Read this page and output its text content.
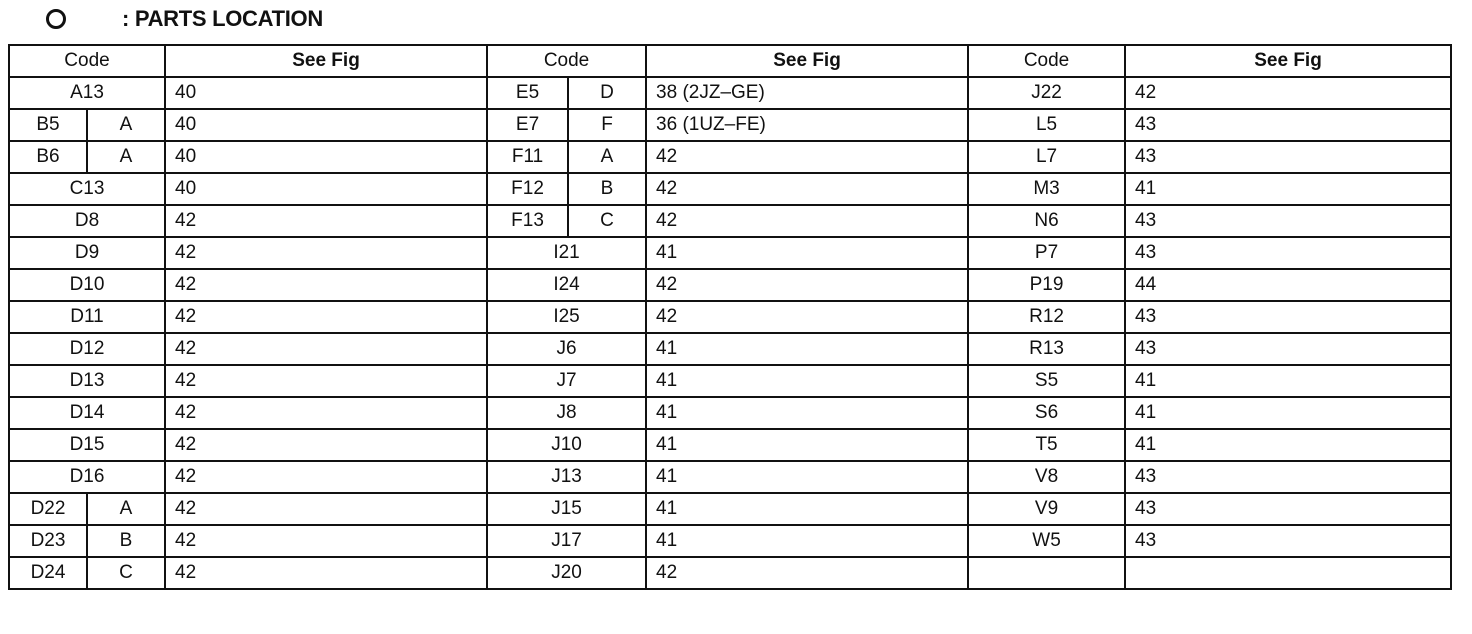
: PARTS LOCATION
Code		See Fig	Code		See Fig	Code	See Fig
A13		40	E5	D	38 (2JZ–GE)	J22	42
B5	A	40	E7	F	36 (1UZ–FE)	L5	43
B6	A	40	F11	A	42	L7	43
C13		40	F12	B	42	M3	41
D8		42	F13	C	42	N6	43
D9		42	I21		41	P7	43
D10		42	I24		42	P19	44
D11		42	I25		42	R12	43
D12		42	J6		41	R13	43
D13		42	J7		41	S5	41
D14		42	J8		41	S6	41
D15		42	J10		41	T5	41
D16		42	J13		41	V8	43
D22	A	42	J15		41	V9	43
D23	B	42	J17		41	W5	43
D24	C	42	J20		42		
